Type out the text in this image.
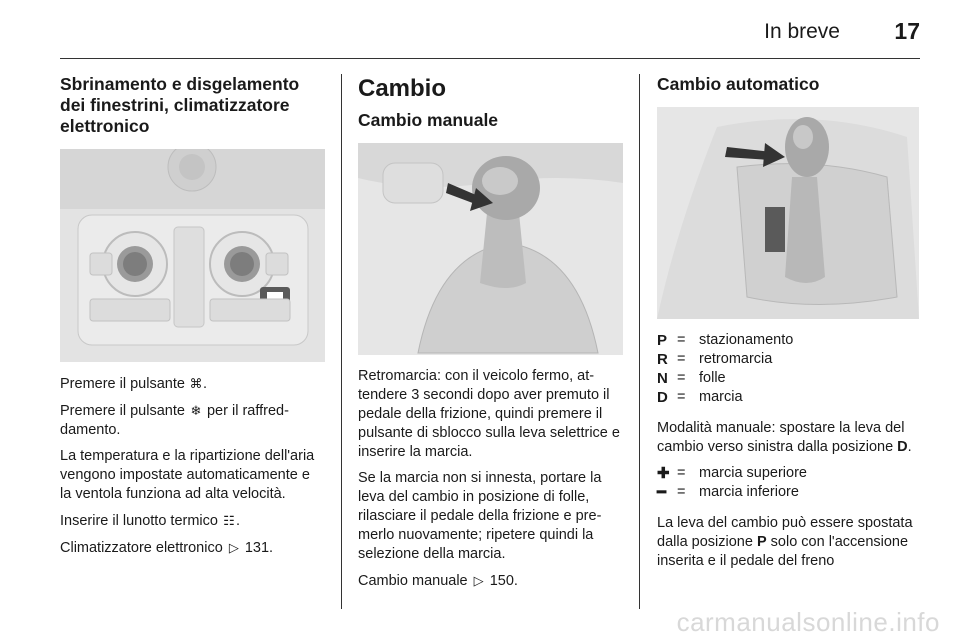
In breve 17
Sbrinamento e disgelamento dei finestrini, climatizzatore elettronico

Premere il pulsante ⌘.

Premere il pulsante ❄ per il raffreddamento.

La temperatura e la ripartizione dell'aria vengono impostate automaticamente e la ventola funziona ad alta velocità.

Inserire il lunotto termico ☷.

Climatizzatore elettronico ▷ 131.

Cambio
Cambio manuale

Retromarcia: con il veicolo fermo, attendere 3 secondi dopo aver premuto il pedale della frizione, quindi premere il pulsante di sblocco sulla leva selettrice e inserire la marcia.

Se la marcia non si innesta, portare la leva del cambio in posizione di folle, rilasciare il pedale della frizione e premerlo nuovamente; ripetere quindi la selezione della marcia.

Cambio manuale ▷ 150.

Cambio automatico
P = stazionamento
R = retromarcia
N = folle
D = marcia

Modalità manuale: spostare la leva del cambio verso sinistra dalla posizione D.

✚ = marcia superiore
━ = marcia inferiore

La leva del cambio può essere spostata dalla posizione P solo con l'accensione inserita e il pedale del freno

carmanualsonline.info
